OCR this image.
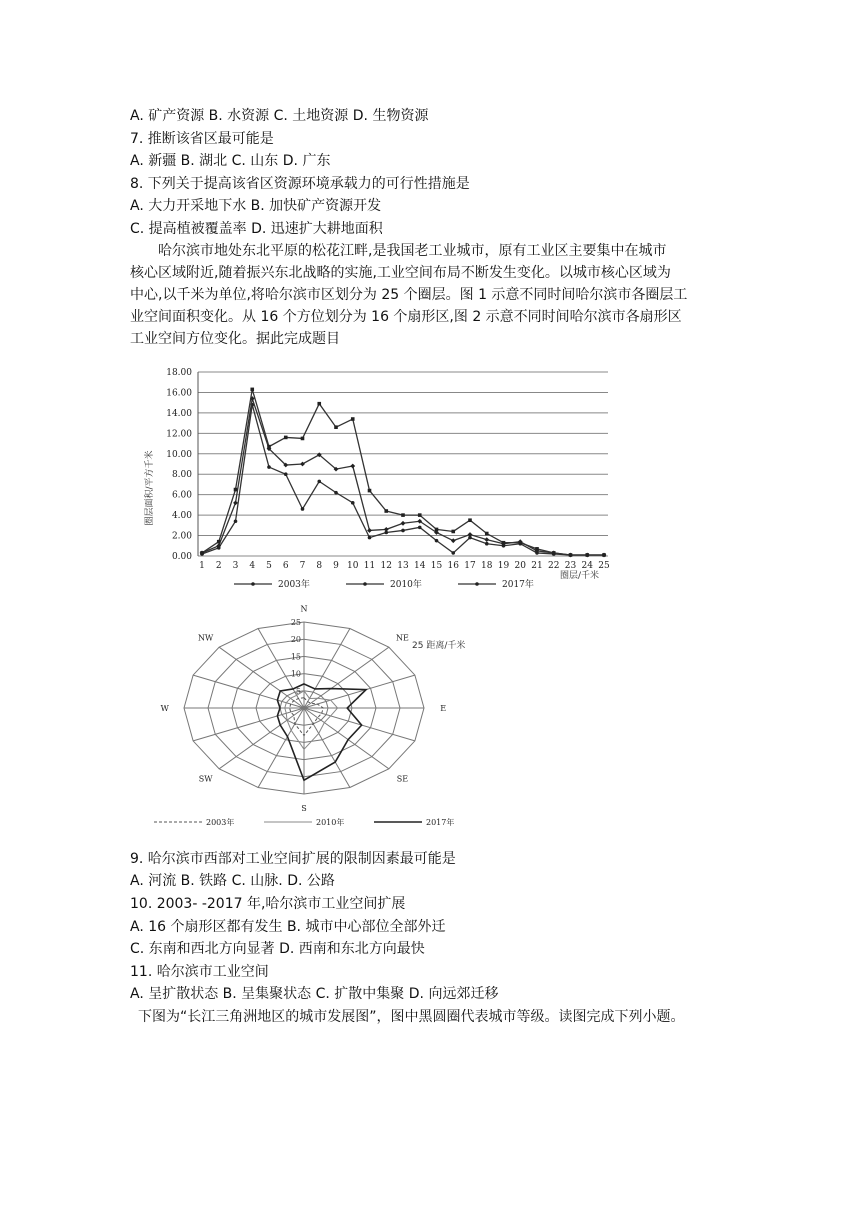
A. 矿产资源 B. 水资源 C. 土地资源 D. 生物资源
7. 推断该省区最可能是
A. 新疆 B. 湖北 C. 山东 D. 广东
8. 下列关于提高该省区资源环境承载力的可行性措施是
A. 大力开采地下水 B. 加快矿产资源开发
C. 提高植被覆盖率 D. 迅速扩大耕地面积
哈尔滨市地处东北平原的松花江畔,是我国老工业城市，原有工业区主要集中在城市
核心区域附近,随着振兴东北战略的实施,工业空间布局不断发生变化。以城市核心区域为
中心,以千米为单位,将哈尔滨市区划分为 25 个圈层。图 1 示意不同时间哈尔滨市各圈层工
业空间面积变化。从 16 个方位划分为 16 个扇形区,图 2 示意不同时间哈尔滨市各扇形区
工业空间方位变化。据此完成题目
0.00
2.00
4.00
6.00
8.00
10.00
12.00
14.00
16.00
18.00
1 2 3 4 5 6 7 8 9 10 11 12 13 14 15 16 17 18 19 20 21 22 23 24 25
圈层面积/平方千米
圈层/千米
2003年	2010年	2017年
5
10
15
20
25
N
NE
E
SE
S
SW
W
NW
25 距离/千米
2003年	2010年	2017年
9. 哈尔滨市西部对工业空间扩展的限制因素最可能是
A. 河流 B. 铁路 C. 山脉. D. 公路
10. 2003- -2017 年,哈尔滨市工业空间扩展
A. 16 个扇形区都有发生 B. 城市中心部位全部外迁
C. 东南和西北方向显著 D. 西南和东北方向最快
11. 哈尔滨市工业空间
A. 呈扩散状态 B. 呈集聚状态 C. 扩散中集聚 D. 向远郊迁移
下图为“长江三角洲地区的城市发展图”，图中黑圆圈代表城市等级。读图完成下列小题。
